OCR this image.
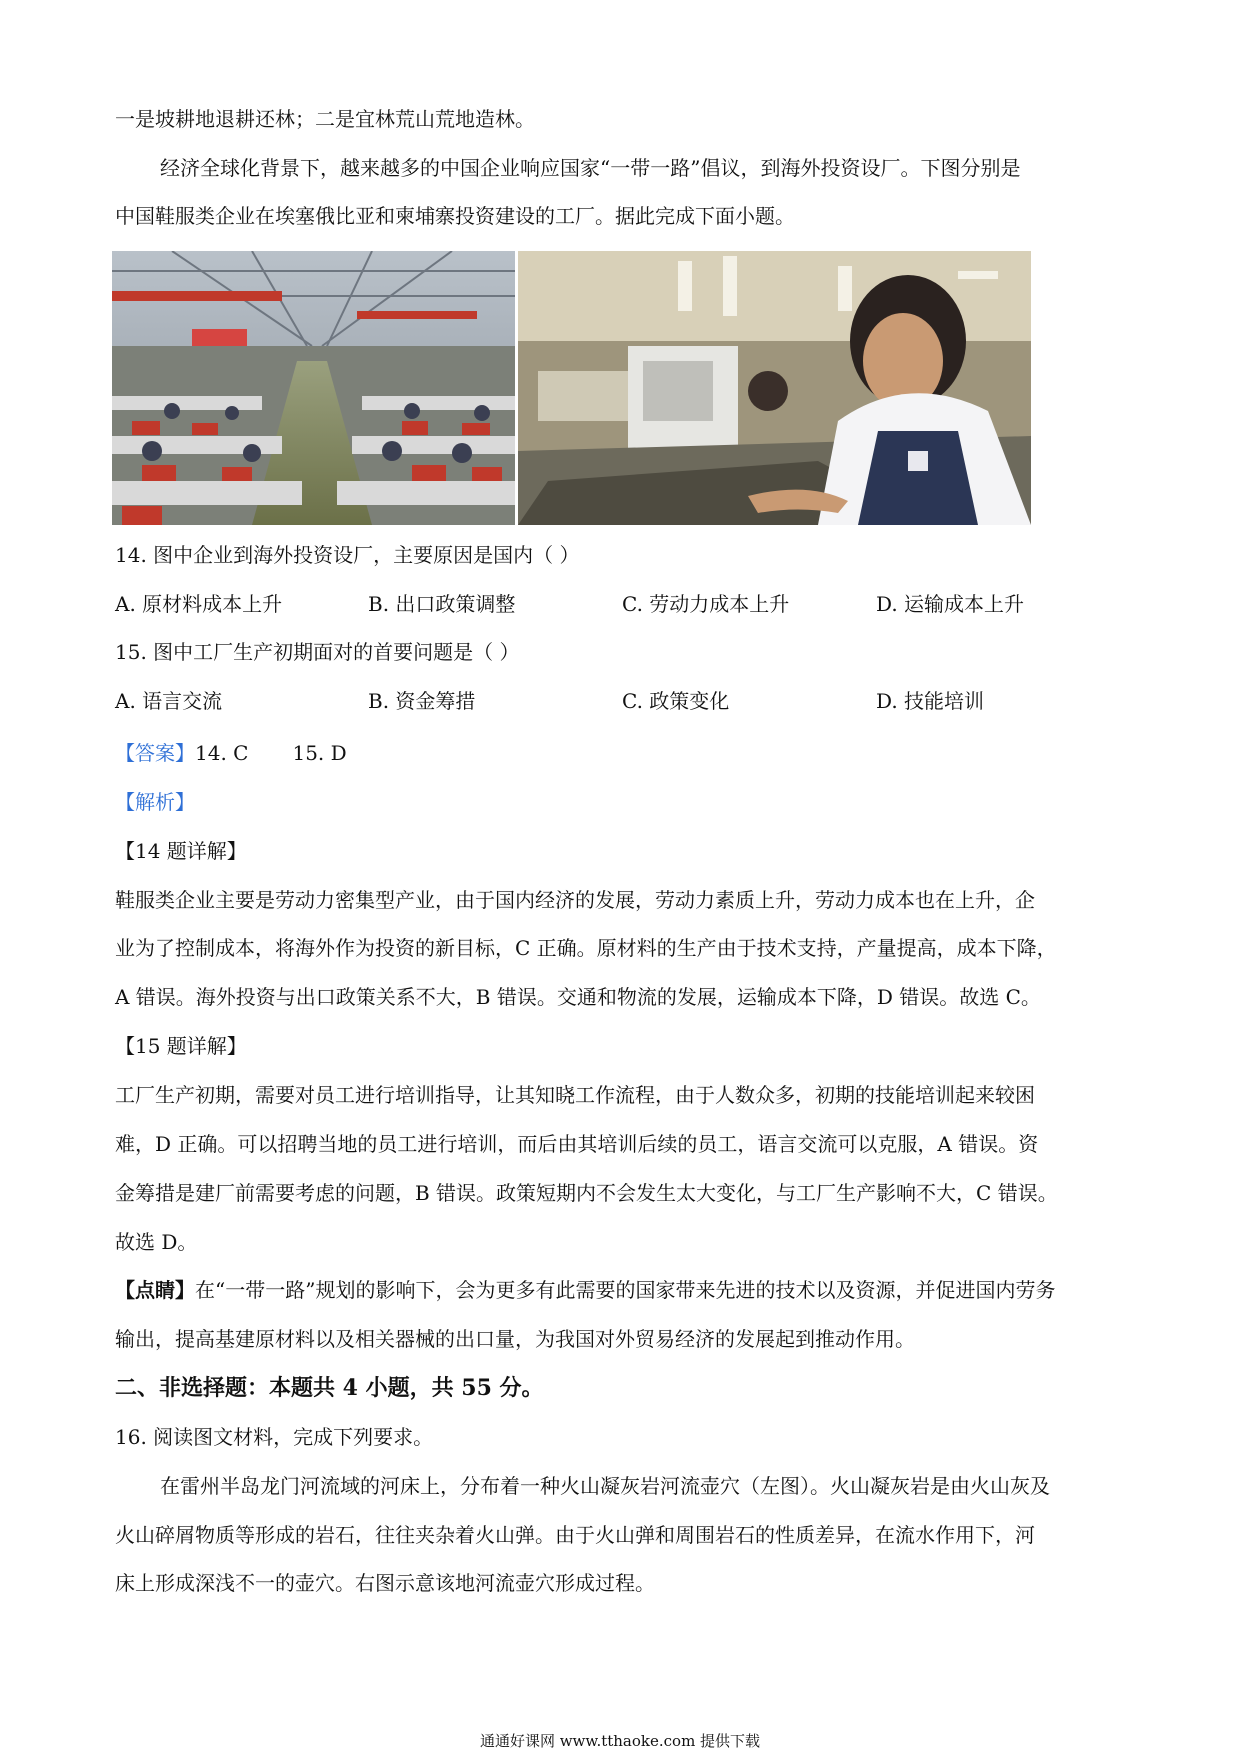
一是坡耕地退耕还林；二是宜林荒山荒地造林。
经济全球化背景下，越来越多的中国企业响应国家“一带一路”倡议，到海外投资设厂。下图分别是
中国鞋服类企业在埃塞俄比亚和柬埔寨投资建设的工厂。据此完成下面小题。
14. 图中企业到海外投资设厂，主要原因是国内（ ）
A. 原材料成本上升	B. 出口政策调整	C. 劳动力成本上升	D. 运输成本上升
15. 图中工厂生产初期面对的首要问题是（ ）
A. 语言交流	B. 资金筹措	C. 政策变化	D. 技能培训
【答案】14. C 15. D
【解析】
【14 题详解】
鞋服类企业主要是劳动力密集型产业，由于国内经济的发展，劳动力素质上升，劳动力成本也在上升，企
业为了控制成本，将海外作为投资的新目标，C 正确。原材料的生产由于技术支持，产量提高，成本下降，
A 错误。海外投资与出口政策关系不大，B 错误。交通和物流的发展，运输成本下降，D 错误。故选 C。
【15 题详解】
工厂生产初期，需要对员工进行培训指导，让其知晓工作流程，由于人数众多，初期的技能培训起来较困
难，D 正确。可以招聘当地的员工进行培训，而后由其培训后续的员工，语言交流可以克服，A 错误。资
金筹措是建厂前需要考虑的问题，B 错误。政策短期内不会发生太大变化，与工厂生产影响不大，C 错误。
故选 D。
【点睛】在“一带一路”规划的影响下，会为更多有此需要的国家带来先进的技术以及资源，并促进国内劳务
输出，提高基建原材料以及相关器械的出口量，为我国对外贸易经济的发展起到推动作用。
二、非选择题：本题共 4 小题，共 55 分。
16. 阅读图文材料，完成下列要求。
在雷州半岛龙门河流域的河床上，分布着一种火山凝灰岩河流壶穴（左图）。火山凝灰岩是由火山灰及
火山碎屑物质等形成的岩石，往往夹杂着火山弹。由于火山弹和周围岩石的性质差异，在流水作用下，河
床上形成深浅不一的壶穴。右图示意该地河流壶穴形成过程。
通通好课网 www.tthaoke.com 提供下载
